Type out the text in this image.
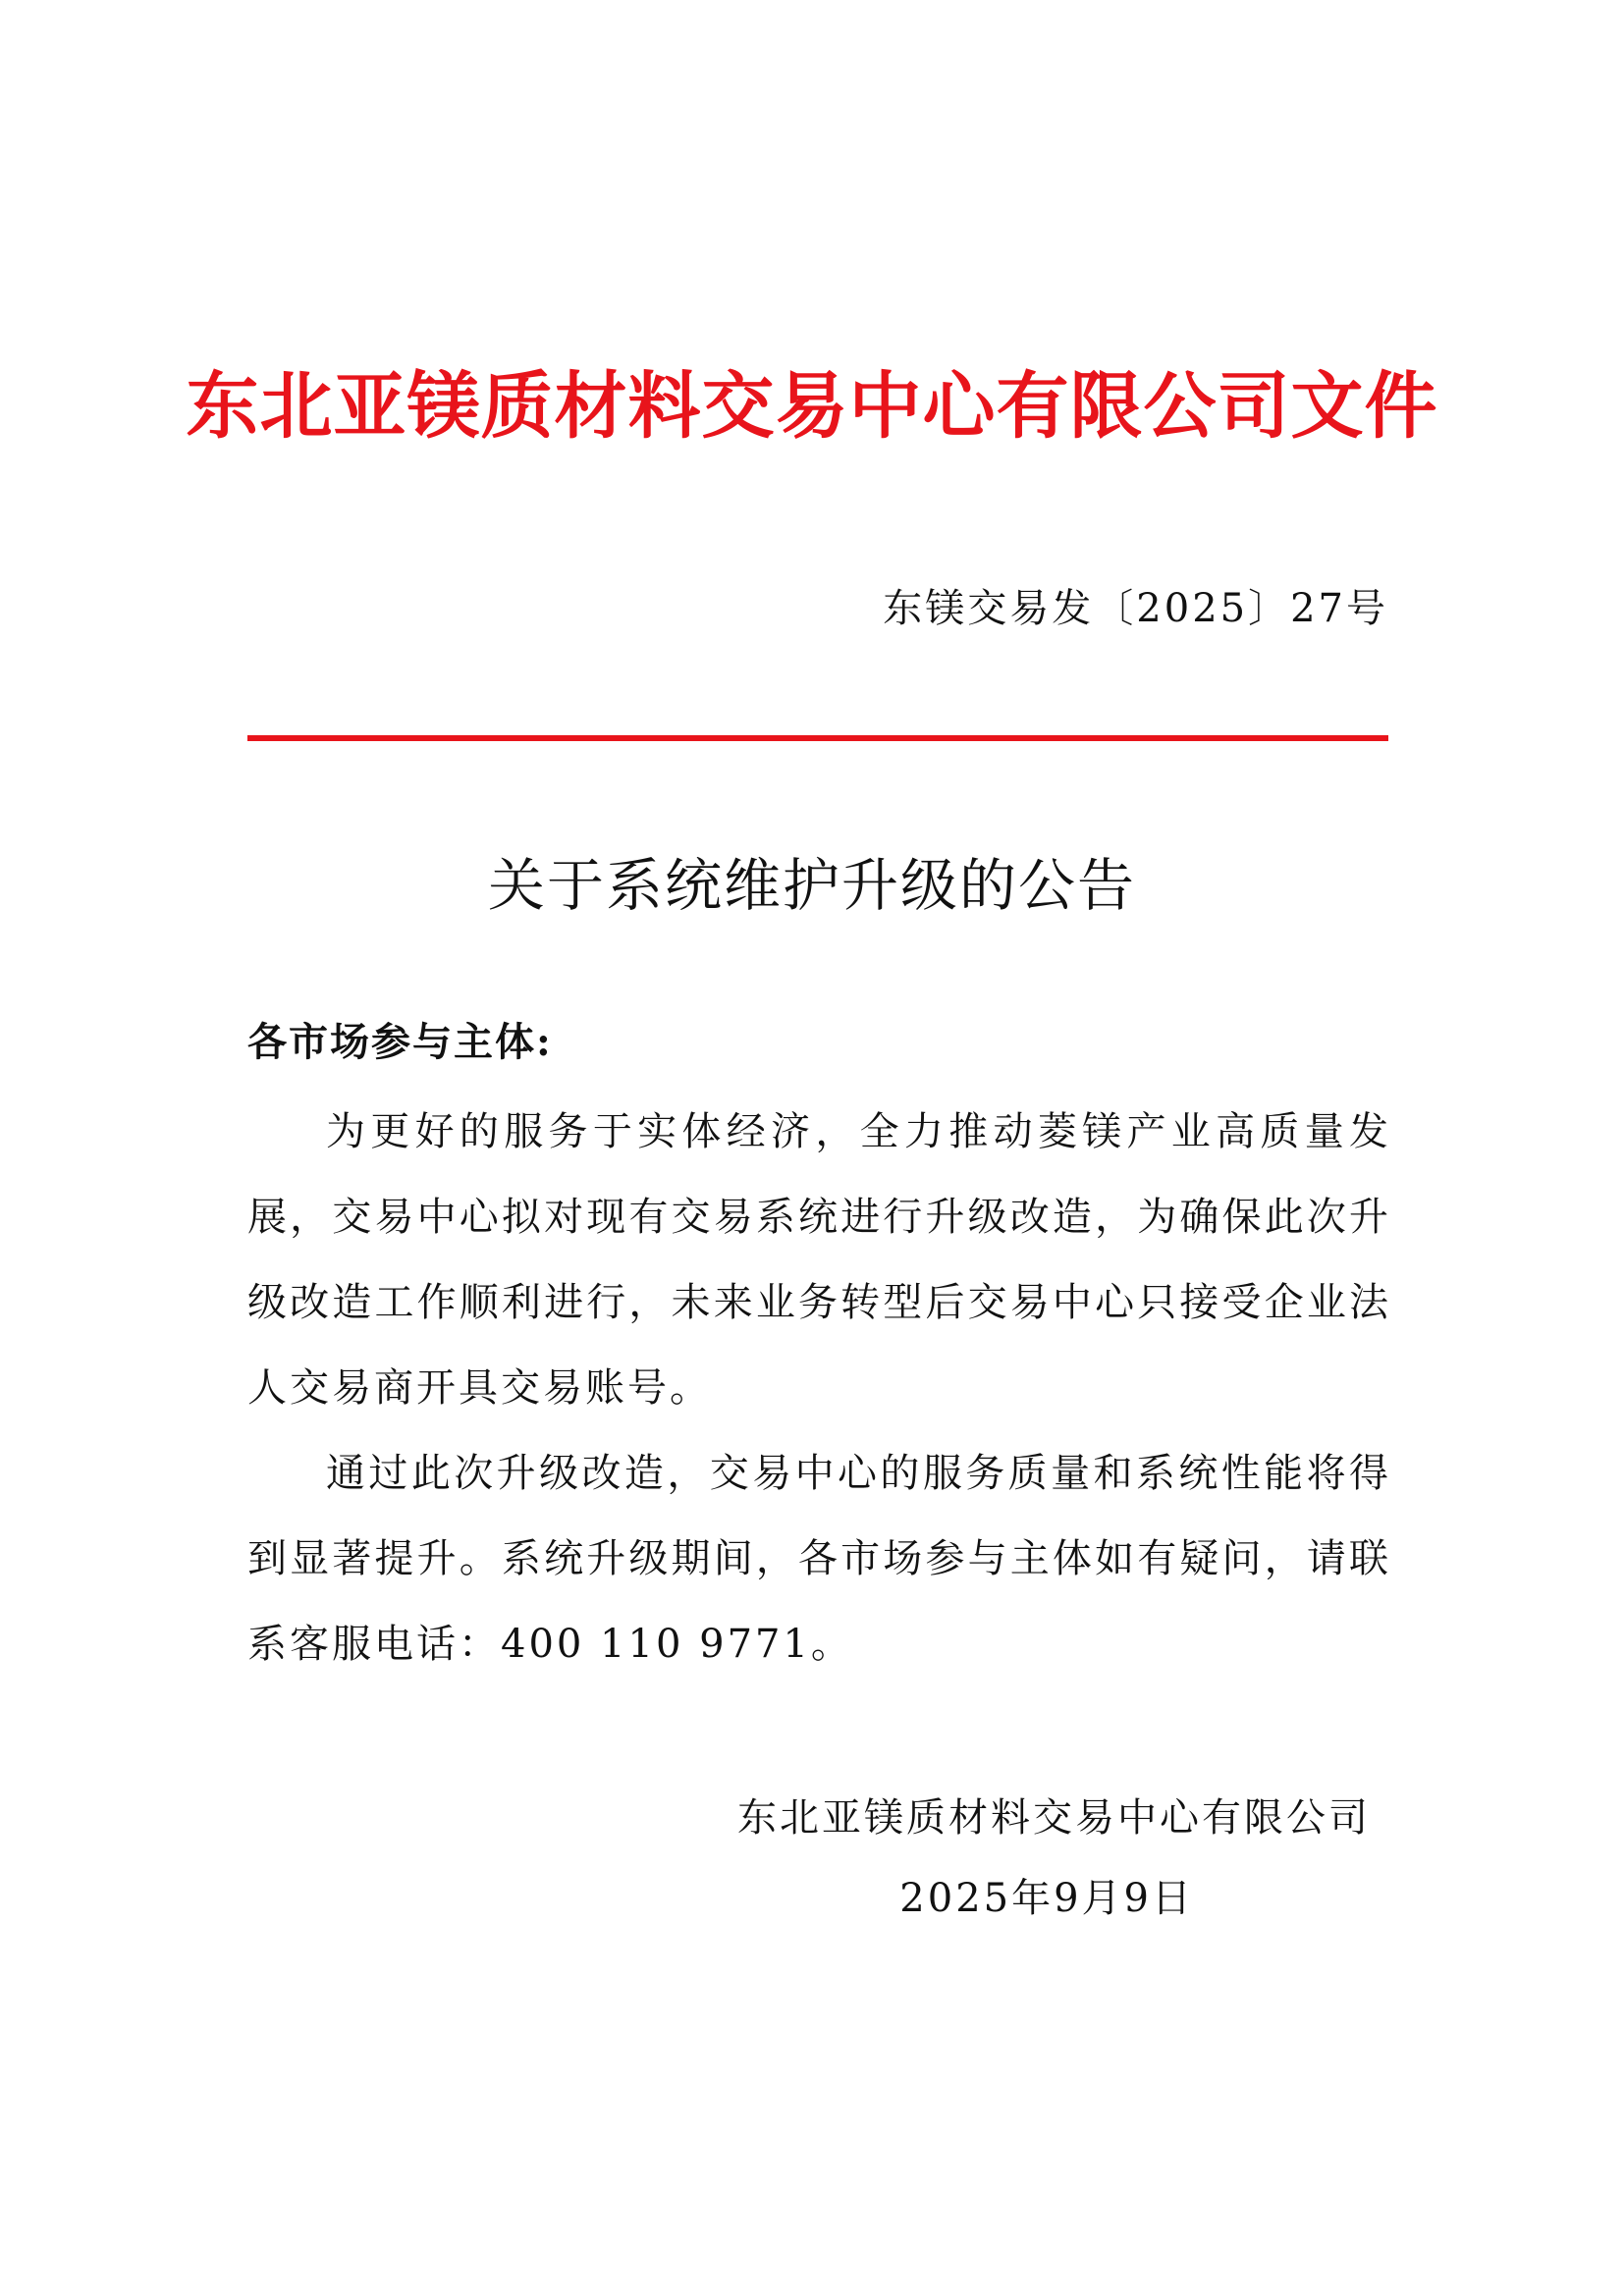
东北亚镁质材料交易中心有限公司文件
东镁交易发〔2025〕27号
关于系统维护升级的公告
各市场参与主体:

为更好的服务于实体经济，全力推动菱镁产业高质量发展，交易中心拟对现有交易系统进行升级改造，为确保此次升级改造工作顺利进行，未来业务转型后交易中心只接受企业法人交易商开具交易账号。

通过此次升级改造，交易中心的服务质量和系统性能将得到显著提升。系统升级期间，各市场参与主体如有疑问，请联系客服电话：400 110 9771。

东北亚镁质材料交易中心有限公司
2025年9月9日
